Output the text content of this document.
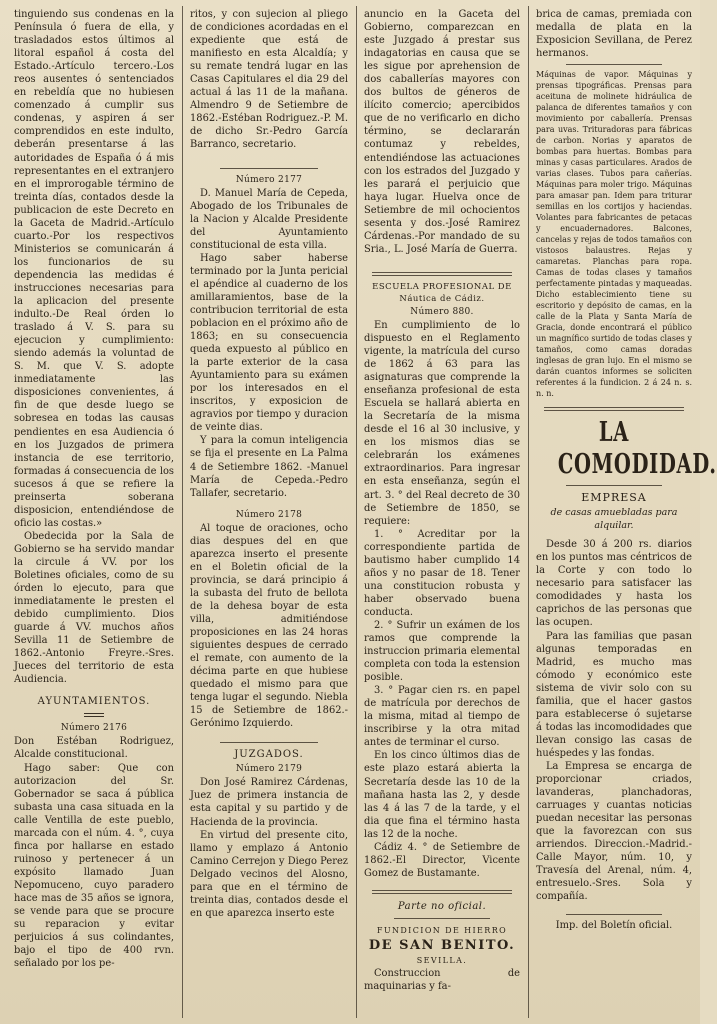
tinguiendo sus condenas en la Península ó fuera de ella, y trasladados estos últimos al litoral español á costa del Estado.-Artículo tercero.-Los reos ausentes ó sentenciados en rebeldía que no hubiesen comenzado á cumplir sus condenas, y aspiren á ser comprendidos en este indulto, deberán presentarse á las autoridades de España ó á mis representantes en el extranjero en el improrogable término de treinta días, contados desde la publicacion de este Decreto en la Gaceta de Madrid.-Artículo cuarto.-Por los respectivos Ministerios se comunicarán á los funcionarios de su dependencia las medidas é instrucciones necesarias para la aplicacion del presente indulto.-De Real órden lo traslado á V. S. para su ejecucion y cumplimiento: siendo además la voluntad de S. M. que V. S. adopte inmediatamente las disposiciones convenientes, á fin de que desde luego se sobresea en todas las causas pendientes en esa Audiencia ó en los Juzgados de primera instancia de ese territorio, formadas á consecuencia de los sucesos á que se refiere la preinserta soberana disposicion, entendiéndose de oficio las costas.»

Obedecida por la Sala de Gobierno se ha servido mandar la circule á VV. por los Boletines oficiales, como de su órden lo ejecuto, para que inmediatamente le presten el debido cumplimiento. Dios guarde á VV. muchos años Sevilla 11 de Setiembre de 1862.-Antonio Freyre.-Sres. Jueces del territorio de esta Audiencia.

AYUNTAMIENTOS.
Número 2176

Don Estéban Rodriguez, Alcalde constitucional.

Hago saber: Que con autorizacion del Sr. Gobernador se saca á pública subasta una casa situada en la calle Ventilla de este pueblo, marcada con el núm. 4. °, cuya finca por hallarse en estado ruinoso y pertenecer á un expósito llamado Juan Nepomuceno, cuyo paradero hace mas de 35 años se ignora, se vende para que se procure su reparacion y evitar perjuicios á sus colindantes, bajo el tipo de 400 rvn. señalado por los pe-

ritos, y con sujecion al pliego de condiciones acordadas en el expediente que está de manifiesto en esta Alcaldía; y su remate tendrá lugar en las Casas Capitulares el dia 29 del actual á las 11 de la mañana. Almendro 9 de Setiembre de 1862.-Estéban Rodriguez.-P. M. de dicho Sr.-Pedro García Barranco, secretario.

Número 2177

D. Manuel María de Cepeda, Abogado de los Tribunales de la Nacion y Alcalde Presidente del Ayuntamiento constitucional de esta villa.

Hago saber haberse terminado por la Junta pericial el apéndice al cuaderno de los amillaramientos, base de la contribucion territorial de esta poblacion en el próximo año de 1863; en su consecuencia queda expuesto al público en la parte exterior de la casa Ayuntamiento para su exámen por los interesados en el inscritos, y exposicion de agravios por tiempo y duracion de veinte dias.

Y para la comun inteligencia se fija el presente en La Palma 4 de Setiembre 1862. -Manuel María de Cepeda.-Pedro Tallafer, secretario.

Número 2178

Al toque de oraciones, ocho dias despues del en que aparezca inserto el presente en el Boletin oficial de la provincia, se dará principio á la subasta del fruto de bellota de la dehesa boyar de esta villa, admitiéndose proposiciones en las 24 horas siguientes despues de cerrado el remate, con aumento de la décima parte en que hubiese quedado el mismo para que tenga lugar el segundo. Niebla 15 de Setiembre de 1862.-Gerónimo Izquierdo.

JUZGADOS.
Número 2179

Don José Ramirez Cárdenas, Juez de primera instancia de esta capital y su partido y de Hacienda de la provincia.

En virtud del presente cito, llamo y emplazo á Antonio Camino Cerrejon y Diego Perez Delgado vecinos del Alosno, para que en el término de treinta dias, contados desde el en que aparezca inserto este

anuncio en la Gaceta del Gobierno, comparezcan en este Juzgado á prestar sus indagatorias en causa que se les sigue por aprehension de dos caballerías mayores con dos bultos de géneros de ilícito comercio; apercibidos que de no verificarlo en dicho término, se declararán contumaz y rebeldes, entendiéndose las actuaciones con los estrados del Juzgado y les parará el perjuicio que haya lugar. Huelva once de Setiembre de mil ochocientos sesenta y dos.-José Ramirez Cárdenas.-Por mandado de su Sria., L. José María de Guerra.

ESCUELA PROFESIONAL DE Náutica de Cádiz.
Número 880.

En cumplimiento de lo dispuesto en el Reglamento vigente, la matrícula del curso de 1862 á 63 para las asignaturas que comprende la enseñanza profesional de esta Escuela se hallará abierta en la Secretaría de la misma desde el 16 al 30 inclusive, y en los mismos dias se celebrarán los exámenes extraordinarios. Para ingresar en esta enseñanza, según el art. 3. ° del Real decreto de 30 de Setiembre de 1850, se requiere:

1. ° Acreditar por la correspondiente partida de bautismo haber cumplido 14 años y no pasar de 18. Tener una constitucion robusta y haber observado buena conducta.

2. ° Sufrir un exámen de los ramos que comprende la instruccion primaria elemental completa con toda la estension posible.

3. ° Pagar cien rs. en papel de matrícula por derechos de la misma, mitad al tiempo de inscribirse y la otra mitad antes de terminar el curso.

En los cinco últimos dias de este plazo estará abierta la Secretaría desde las 10 de la mañana hasta las 2, y desde las 4 á las 7 de la tarde, y el dia que fina el término hasta las 12 de la noche.

Cádiz 4. ° de Setiembre de 1862.-El Director, Vicente Gomez de Bustamante.

Parte no oficial.
FUNDICION DE HIERRO
DE SAN BENITO.
SEVILLA.

Construccion de maquinarias y fa-

brica de camas, premiada con medalla de plata en la Exposicion Sevillana, de Perez hermanos.

Máquinas de vapor. Máquinas y prensas tipográficas. Prensas para aceituna de molinete hidráulica de palanca de diferentes tamaños y con movimiento por caballería. Prensas para uvas. Trituradoras para fábricas de carbon. Norias y aparatos de bombas para huertas. Bombas para minas y casas particulares. Arados de varias clases. Tubos para cañerías. Máquinas para moler trigo. Máquinas para amasar pan. Idem para triturar semillas en los cortijos y haciendas. Volantes para fabricantes de petacas y encuadernadores. Balcones, cancelas y rejas de todos tamaños con vistosos balaustres. Rejas y camaretas. Planchas para ropa. Camas de todas clases y tamaños perfectamente pintadas y maqueadas. Dicho establecimiento tiene su escritorio y depósito de camas, en la calle de la Plata y Santa María de Gracia, donde encontrará el público un magnífico surtido de todas clases y tamaños, como camas doradas inglesas de gran lujo. En el mismo se darán cuantos informes se soliciten referentes á la fundicion. 2 á 24 n. s. n. n.

LA COMODIDAD.
EMPRESA
de casas amuebladas para alquilar.

Desde 30 á 200 rs. diarios en los puntos mas céntricos de la Corte y con todo lo necesario para satisfacer las comodidades y hasta los caprichos de las personas que las ocupen.

Para las familias que pasan algunas temporadas en Madrid, es mucho mas cómodo y económico este sistema de vivir solo con su familia, que el hacer gastos para establecerse ó sujetarse á todas las incomodidades que llevan consigo las casas de huéspedes y las fondas.

La Empresa se encarga de proporcionar criados, lavanderas, planchadoras, carruages y cuantas noticias puedan necesitar las personas que la favorezcan con sus arriendos. Direccion.-Madrid.-Calle Mayor, núm. 10, y Travesía del Arenal, núm. 4, entresuelo.-Sres. Sola y compañía.

Imp. del Boletín oficial.
